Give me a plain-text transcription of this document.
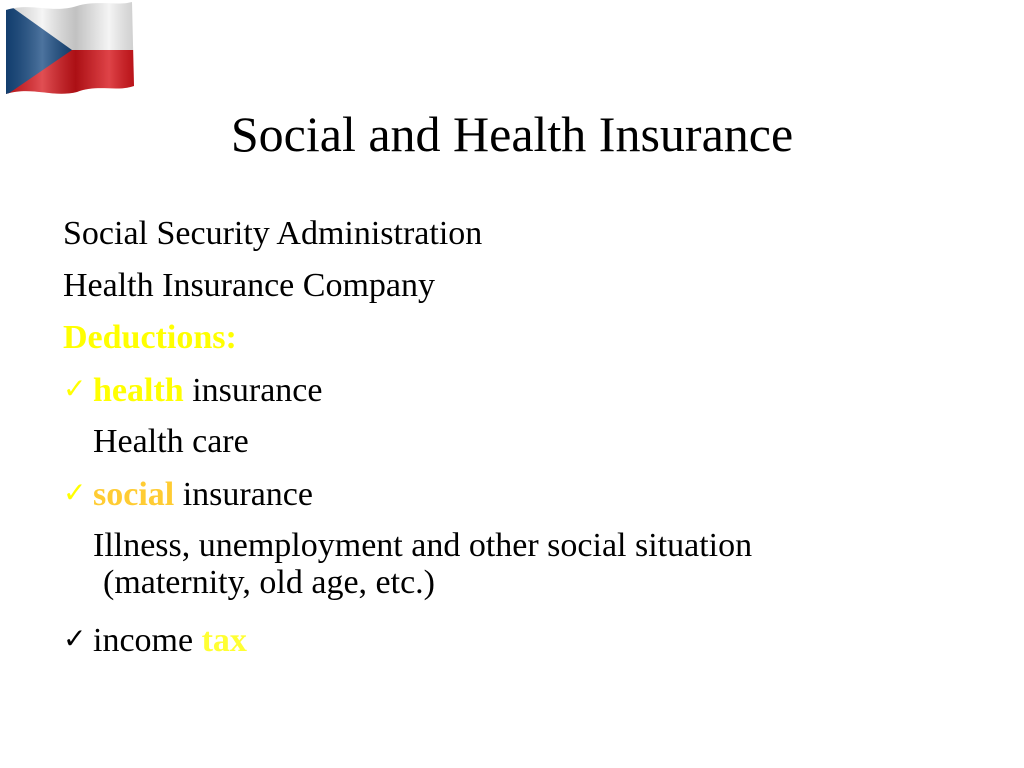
Social and Health Insurance
Social Security Administration
Health Insurance Company
Deductions:
✓ health insurance
Health care
✓ social insurance
Illness, unemployment and other social situation
(maternity, old age, etc.)
✓ income tax
